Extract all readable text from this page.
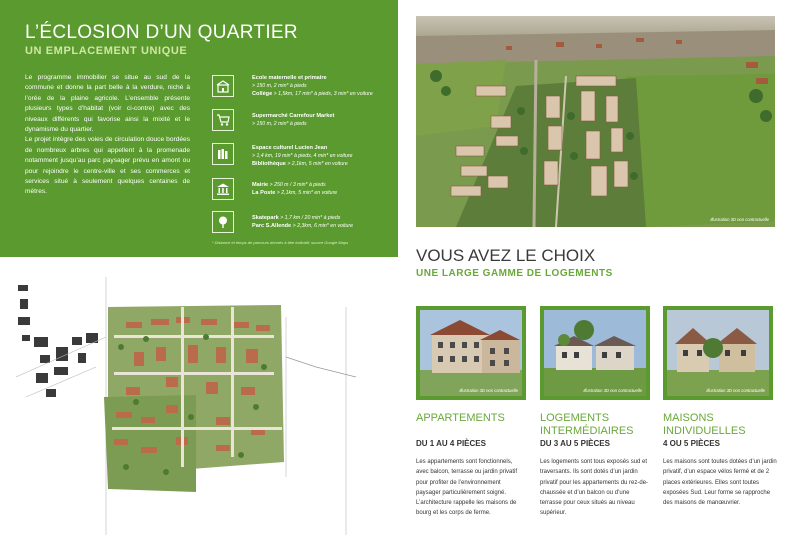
L’ÉCLOSION D’UN QUARTIER
UN EMPLACEMENT UNIQUE

Le programme immobilier se situe au sud de la commune et donne la part belle à la verdure, niché à l’orée de la plaine agricole. L’ensemble présente plusieurs types d’habitat (voir ci-contre) avec des niveaux différents qui favorise ainsi la mixité et le dynamisme du quartier.

Le projet intègre des voies de circulation douce bordées de nombreux arbres qui appellent à la promenade notamment jusqu’au parc paysager prévu en amont ou pour rejoindre le centre-ville et ses commerces et services situé à seulement quelques centaines de mètres.

Ecole maternelle et primaire
> 150 m, 2 min* à pieds
Collège > 1,5km, 17 min* à pieds, 3 min* en voiture
Supermarché Carrefour Market
> 150 m, 2 min* à pieds
Espace culturel Lucien Jean
> 1,4 km, 19 min* à pieds, 4 min* en voiture
Bibliothèque > 2,1km, 5 min* en voiture
Mairie > 250 m / 3 min* à pieds
La Poste > 2,1km, 5 min* en voiture
Skatepark > 1,7 km / 20 min* à pieds
Parc S.Allende > 2,3km, 6 min* en voiture
* Distance et temps de parcours donnés à titre indicatif, source Google Maps
Illustration 3D non contractuelle
VOUS AVEZ LE CHOIX
UNE LARGE GAMME DE LOGEMENTS
Illustration 3D non contractuelle	Illustration 3D non contractuelle	Illustration 3D non contractuelle
APPARTEMENTS	LOGEMENTS
INTERMÉDIAIRES
MAISONS
INDIVIDUELLES
DU 1 AU 4 PIÈCES	DU 3 AU 5 PIÈCES	4 OU 5 PIÈCES
Les appartements sont fonctionnels, avec balcon, terrasse ou jardin privatif pour profiter de l’environnement paysager particulièrement soigné. L’architecture rappelle les maisons de bourg et les corps de ferme.
Les logements sont tous exposés sud et traversants. Ils sont dotés d’un jardin privatif pour les appartements du rez-de-chaussée et d’un balcon ou d’une terrasse pour ceux situés au niveau supérieur.
Les maisons sont toutes dotées d’un jardin privatif, d’un espace vélos fermé et de 2 places extérieures. Elles sont toutes exposées Sud. Leur forme se rapproche des maisons de manœuvrier.
